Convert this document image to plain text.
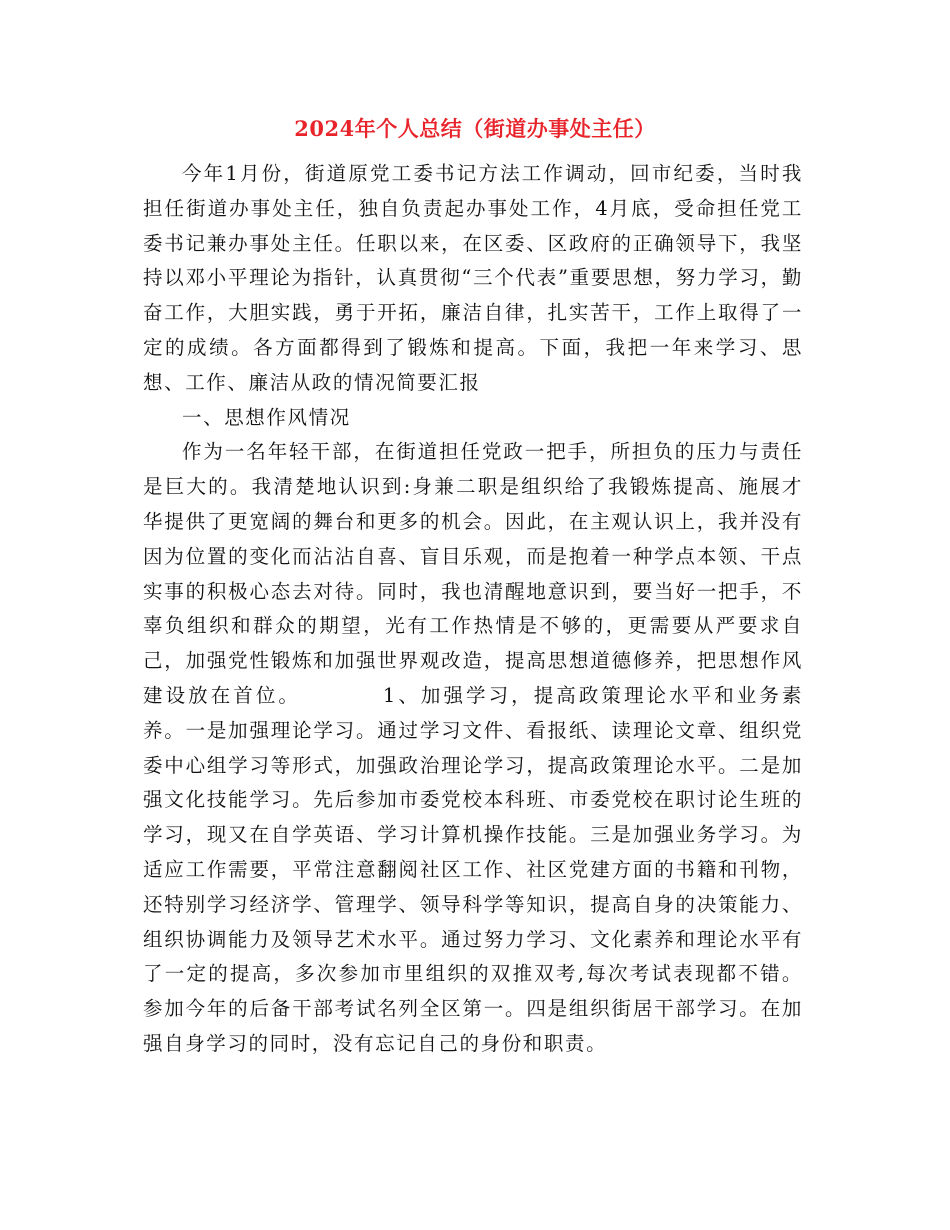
2024年个人总结（街道办事处主任）

今年1月份，街道原党工委书记方法工作调动，回市纪委，当时我担任街道办事处主任，独自负责起办事处工作，4月底，受命担任党工委书记兼办事处主任。任职以来，在区委、区政府的正确领导下，我坚持以邓小平理论为指针，认真贯彻“三个代表”重要思想，努力学习，勤奋工作，大胆实践，勇于开拓，廉洁自律，扎实苦干，工作上取得了一定的成绩。各方面都得到了锻炼和提高。下面，我把一年来学习、思想、工作、廉洁从政的情况简要汇报

一、思想作风情况

作为一名年轻干部，在街道担任党政一把手，所担负的压力与责任是巨大的。我清楚地认识到:身兼二职是组织给了我锻炼提高、施展才华提供了更宽阔的舞台和更多的机会。因此，在主观认识上，我并没有因为位置的变化而沾沾自喜、盲目乐观，而是抱着一种学点本领、干点实事的积极心态去对待。同时，我也清醒地意识到，要当好一把手，不辜负组织和群众的期望，光有工作热情是不够的，更需要从严要求自己，加强党性锻炼和加强世界观改造，提高思想道德修养，把思想作风建设放在首位。	1、加强学习，提高政策理论水平和业务素养。一是加强理论学习。通过学习文件、看报纸、读理论文章、组织党委中心组学习等形式，加强政治理论学习，提高政策理论水平。二是加强文化技能学习。先后参加市委党校本科班、市委党校在职讨论生班的学习，现又在自学英语、学习计算机操作技能。三是加强业务学习。为适应工作需要，平常注意翻阅社区工作、社区党建方面的书籍和刊物，还特别学习经济学、管理学、领导科学等知识，提高自身的决策能力、组织协调能力及领导艺术水平。通过努力学习、文化素养和理论水平有了一定的提高，多次参加市里组织的双推双考,每次考试表现都不错。参加今年的后备干部考试名列全区第一。四是组织街居干部学习。在加强自身学习的同时，没有忘记自己的身份和职责。
